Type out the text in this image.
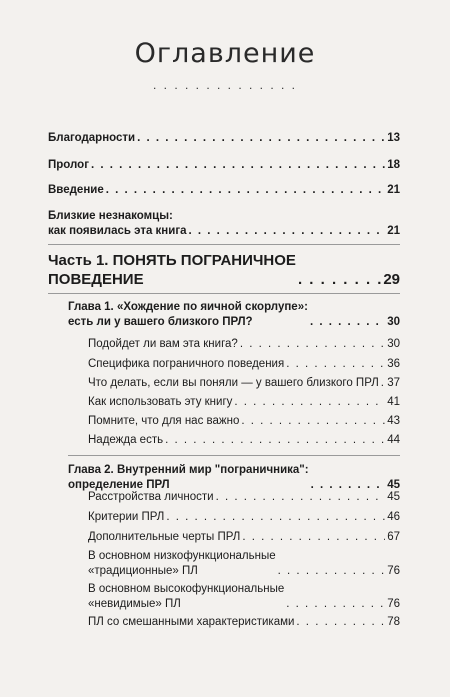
Оглавление
. . . . . . . . . . . . . .
Благодарности . . .	13
Пролог . . .	18
Введение . . .	21
Близкие незнакомцы:
как появилась эта книга . . .	21
Часть 1. ПОНЯТЬ ПОГРАНИЧНОЕ
ПОВЕДЕНИЕ . . .	29
Глава 1. «Хождение по яичной скорлупе»:
есть ли у вашего близкого ПРЛ? . . .	30
Подойдет ли вам эта книга? . . .	30
Специфика пограничного поведения . . .	36
Что делать, если вы поняли — у вашего близкого ПРЛ . . . 37
Как использовать эту книгу . . .	41
Помните, что для нас важно . . .	43
Надежда есть . . .	44
Глава 2. Внутренний мир "пограничника":
определение ПРЛ . . .	45
Расстройства личности . . .	45
Критерии ПРЛ . . .	46
Дополнительные черты ПРЛ . . .	67
В основном низкофункциональные
«традиционные» ПЛ . . .	76
В основном высокофункциональные
«невидимые» ПЛ . . .	76
ПЛ со смешанными характеристиками . . .	78
